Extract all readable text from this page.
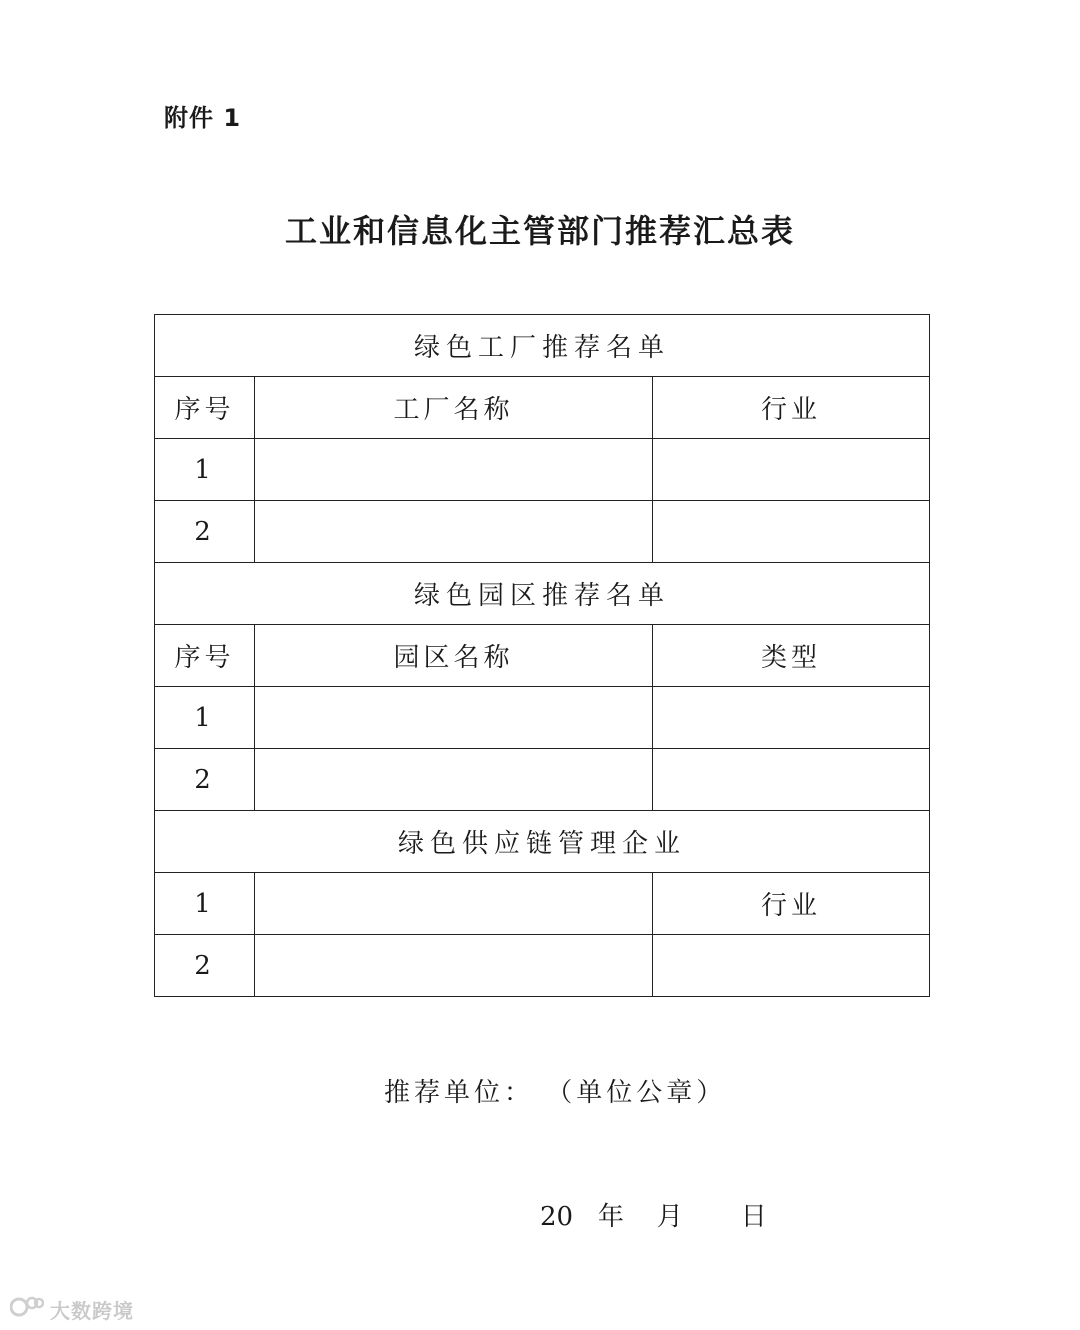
附件 1
工业和信息化主管部门推荐汇总表
绿色工厂推荐名单		
序号	工厂名称	行业
1		
2		
绿色园区推荐名单		
序号	园区名称	类型
1		
2		
绿色供应链管理企业		
1		行业
2		
推荐单位： （单位公章）
20   年    月       日
大数跨境
